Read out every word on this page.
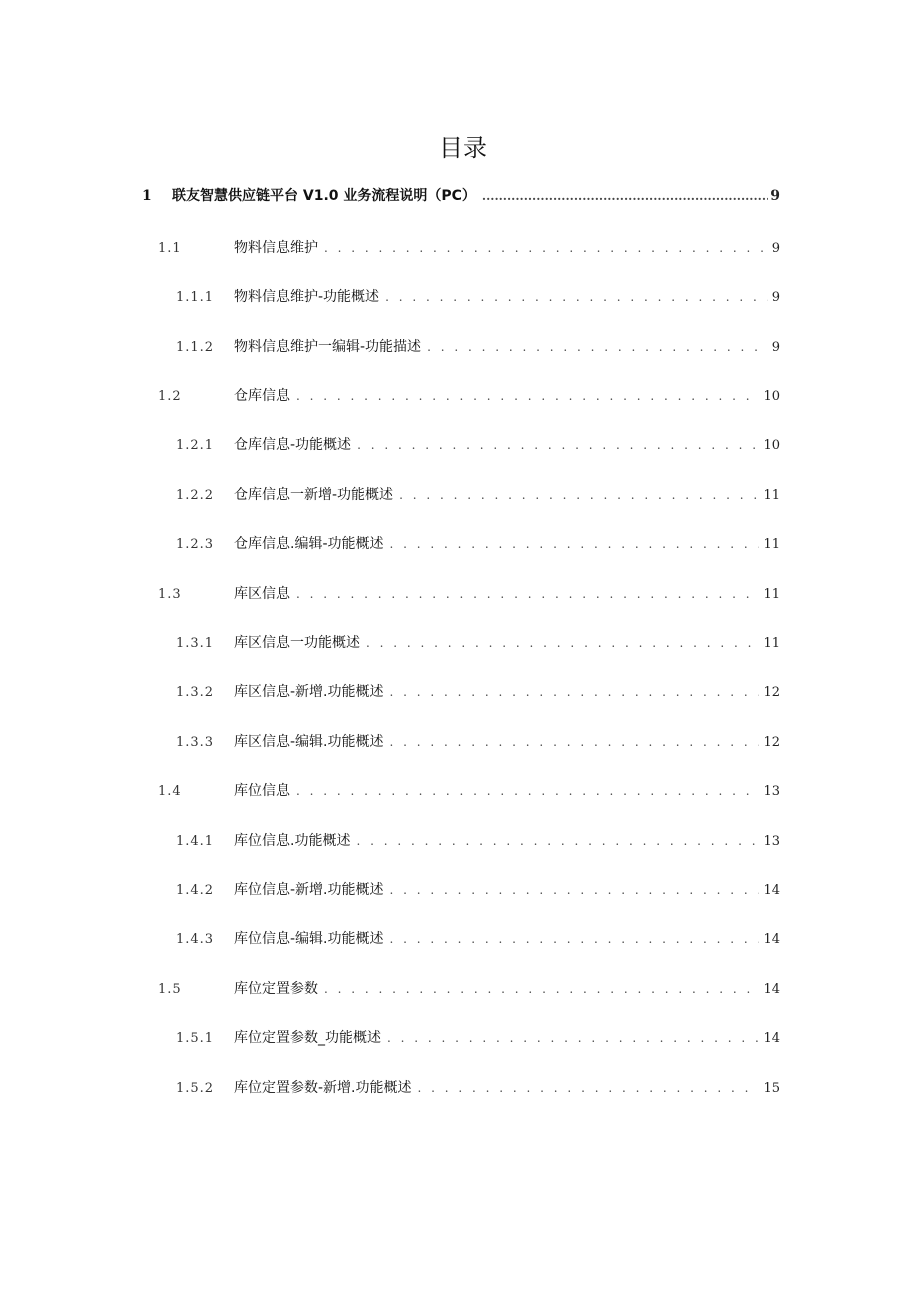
目录
1	联友智慧供应链平台 V1.0 业务流程说明（PC） .....	9
1.1	物料信息维护 . . .	9
1.1.1	物料信息维护-功能概述 . . .	9
1.1.2	物料信息维护一编辑-功能描述 . . .	9
1.2	仓库信息 . . .	10
1.2.1	仓库信息-功能概述 . . .	10
1.2.2	仓库信息一新增-功能概述 . . .	11
1.2.3	仓库信息.编辑-功能概述 . . .	11
1.3	库区信息 . . .	11
1.3.1	库区信息一功能概述 . . .	11
1.3.2	库区信息-新增.功能概述 . . .	12
1.3.3	库区信息-编辑.功能概述 . . .	12
1.4	库位信息 . . .	13
1.4.1	库位信息.功能概述 . . .	13
1.4.2	库位信息-新增.功能概述 . . .	14
1.4.3	库位信息-编辑.功能概述 . . .	14
1.5	库位定置参数 . . .	14
1.5.1	库位定置参数_功能概述 . . .	14
1.5.2	库位定置参数-新增.功能概述 . . .	15
